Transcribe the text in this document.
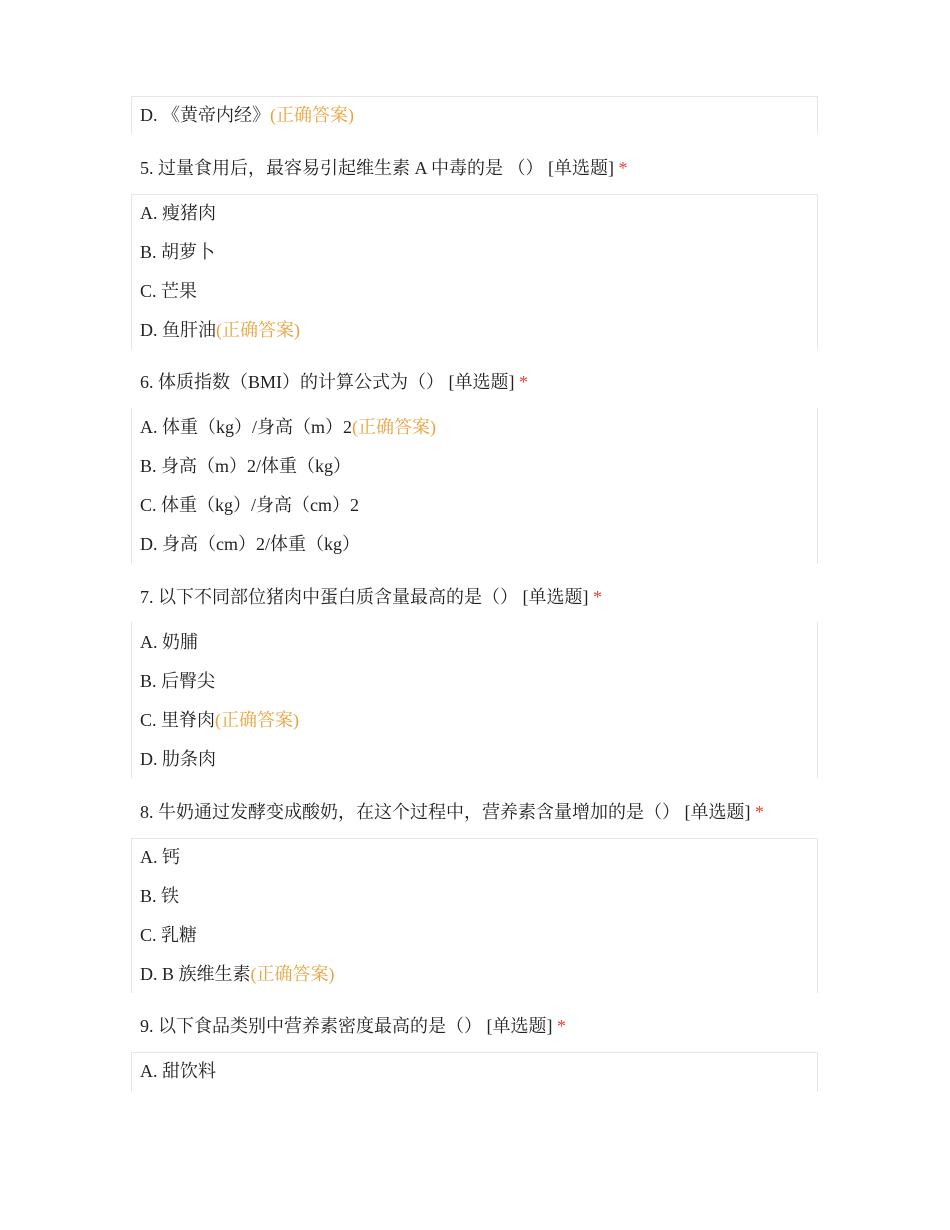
D. 《黄帝内经》(正确答案)
5. 过量食用后，最容易引起维生素 A 中毒的是 （） [单选题] *
A. 瘦猪肉
B. 胡萝卜
C. 芒果
D. 鱼肝油(正确答案)
6. 体质指数（BMI）的计算公式为（） [单选题] *
A. 体重（kg）/身高（m）2(正确答案)
B. 身高（m）2/体重（kg）
C. 体重（kg）/身高（cm）2
D. 身高（cm）2/体重（kg）
7. 以下不同部位猪肉中蛋白质含量最高的是（） [单选题] *
A. 奶脯
B. 后臀尖
C. 里脊肉(正确答案)
D. 肋条肉
8. 牛奶通过发酵变成酸奶，在这个过程中，营养素含量增加的是（） [单选题] *
A. 钙
B. 铁
C. 乳糖
D. B 族维生素(正确答案)
9. 以下食品类别中营养素密度最高的是（） [单选题] *
A. 甜饮料
